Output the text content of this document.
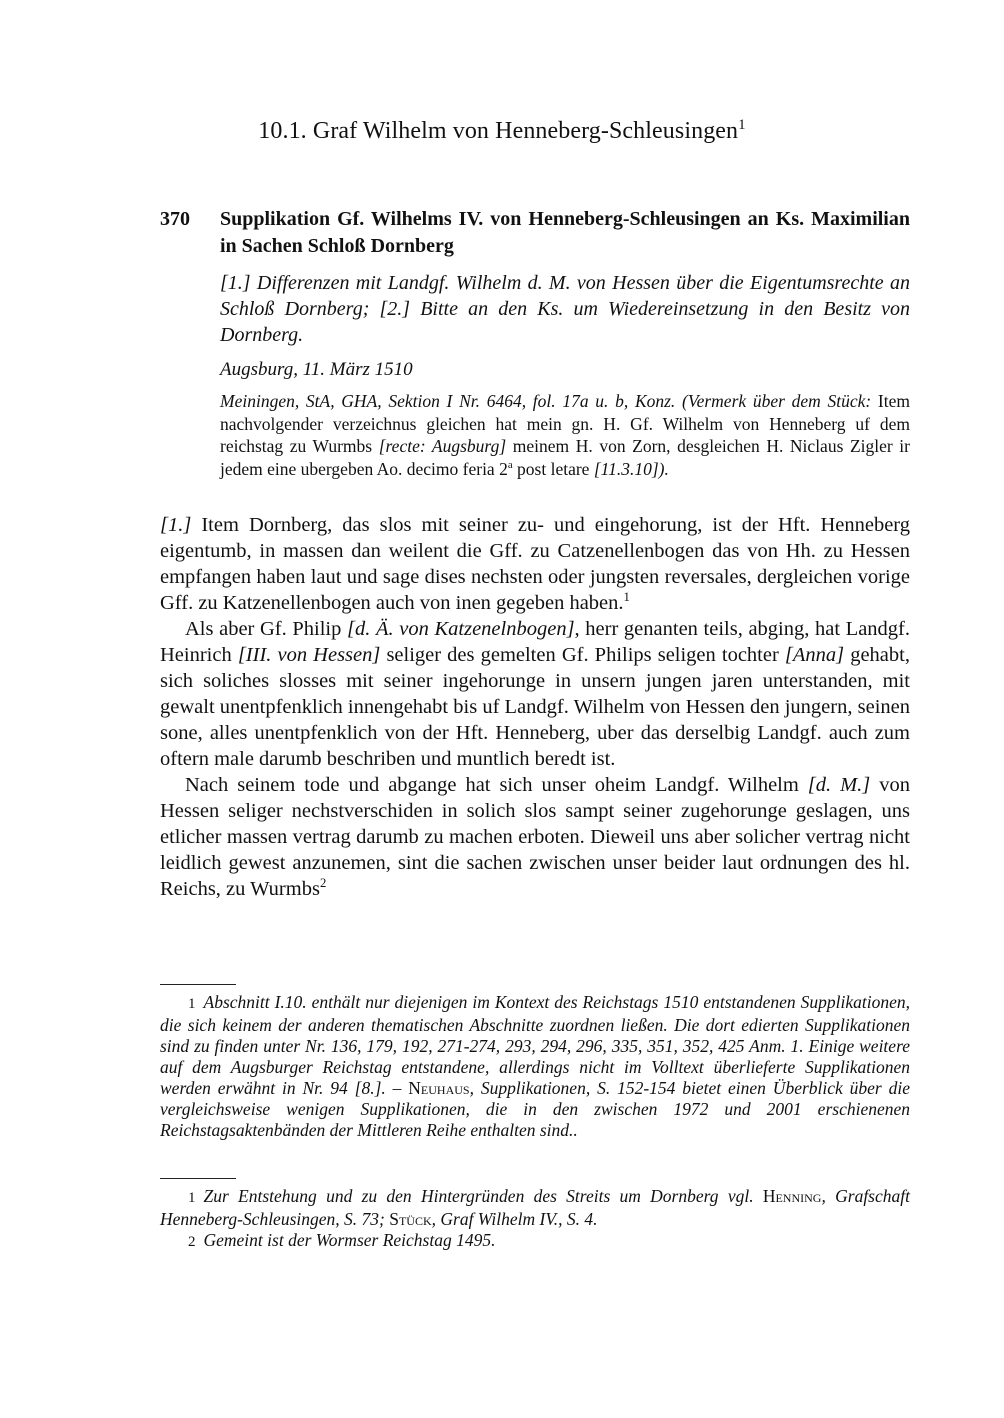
10.1. Graf Wilhelm von Henneberg-Schleusingen$^1$
370	Supplikation Gf. Wilhelms IV. von Henneberg-Schleusingen an Ks. Maximilian in Sachen Schloß Dornberg
[1.] Differenzen mit Landgf. Wilhelm d. M. von Hessen über die Eigentumsrechte an Schloß Dornberg; [2.] Bitte an den Ks. um Wiedereinsetzung in den Besitz von Dornberg.
Augsburg, 11. März 1510
Meiningen, StA, GHA, Sektion I Nr. 6464, fol. 17a u. b, Konz. (Vermerk über dem Stück: Item nachvolgender verzeichnus gleichen hat mein gn. H. Gf. Wilhelm von Henneberg uf dem reichstag zu Wurmbs [recte: Augsburg] meinem H. von Zorn, desgleichen H. Niclaus Zigler ir jedem eine ubergeben Ao. decimo feria 2$^a$ post letare [11.3.10]).

[1.] Item Dornberg, das slos mit seiner zu- und eingehorung, ist der Hft. Henneberg eigentumb, in massen dan weilent die Gff. zu Catzenellenbogen das von Hh. zu Hessen empfangen haben laut und sage dises nechsten oder jungsten reversales, dergleichen vorige Gff. zu Katzenellenbogen auch von inen gegeben haben.$^1$

Als aber Gf. Philip [d. Ä. von Katzenelnbogen], herr genanten teils, abging, hat Landgf. Heinrich [III. von Hessen] seliger des gemelten Gf. Philips seligen tochter [Anna] gehabt, sich soliches slosses mit seiner ingehorunge in unsern jungen jaren unterstanden, mit gewalt unentpfenklich innengehabt bis uf Landgf. Wilhelm von Hessen den jungern, seinen sone, alles unentpfenklich von der Hft. Henneberg, uber das derselbig Landgf. auch zum oftern male darumb beschriben und muntlich beredt ist.

Nach seinem tode und abgange hat sich unser oheim Landgf. Wilhelm [d. M.] von Hessen seliger nechstverschiden in solich slos sampt seiner zugehorunge geslagen, uns etlicher massen vertrag darumb zu machen erboten. Dieweil uns aber solicher vertrag nicht leidlich gewest anzunemen, sint die sachen zwischen unser beider laut ordnungen des hl. Reichs, zu Wurmbs$^2$

1 Abschnitt I.10. enthält nur diejenigen im Kontext des Reichstags 1510 entstandenen Supplikationen, die sich keinem der anderen thematischen Abschnitte zuordnen ließen. Die dort edierten Supplikationen sind zu finden unter Nr. 136, 179, 192, 271-274, 293, 294, 296, 335, 351, 352, 425 Anm. 1. Einige weitere auf dem Augsburger Reichstag entstandene, allerdings nicht im Volltext überlieferte Supplikationen werden erwähnt in Nr. 94 [8.]. – Neuhaus, Supplikationen, S. 152-154 bietet einen Überblick über die vergleichsweise wenigen Supplikationen, die in den zwischen 1972 und 2001 erschienenen Reichstagsaktenbänden der Mittleren Reihe enthalten sind..

1 Zur Entstehung und zu den Hintergründen des Streits um Dornberg vgl. Henning, Grafschaft Henneberg-Schleusingen, S. 73; Stück, Graf Wilhelm IV., S. 4.

2 Gemeint ist der Wormser Reichstag 1495.
